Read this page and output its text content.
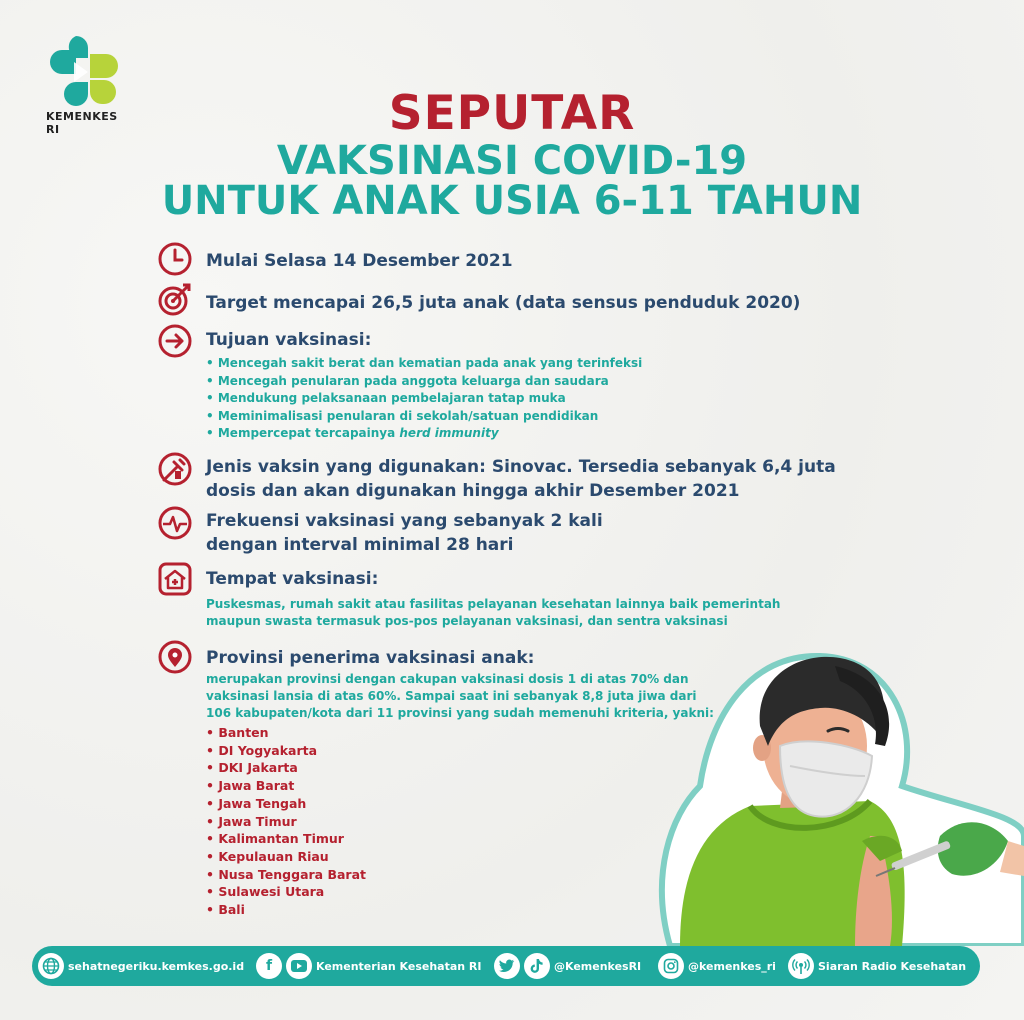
KEMENKES RI	SEPUTAR
VAKSINASI COVID-19
UNTUK ANAK USIA 6-11 TAHUN
Mulai Selasa 14 Desember 2021
Target mencapai 26,5 juta anak (data sensus penduduk 2020)
Tujuan vaksinasi:
• Mencegah sakit berat dan kematian pada anak yang terinfeksi
• Mencegah penularan pada anggota keluarga dan saudara
• Mendukung pelaksanaan pembelajaran tatap muka
• Meminimalisasi penularan di sekolah/satuan pendidikan
• Mempercepat tercapainya herd immunity
Jenis vaksin yang digunakan: Sinovac. Tersedia sebanyak 6,4 juta
dosis dan akan digunakan hingga akhir Desember 2021
Frekuensi vaksinasi yang sebanyak 2 kali
dengan interval minimal 28 hari
Tempat vaksinasi:
Puskesmas, rumah sakit atau fasilitas pelayanan kesehatan lainnya baik pemerintah
maupun swasta termasuk pos-pos pelayanan vaksinasi, dan sentra vaksinasi
Provinsi penerima vaksinasi anak:
merupakan provinsi dengan cakupan vaksinasi dosis 1 di atas 70% dan
vaksinasi lansia di atas 60%. Sampai saat ini sebanyak 8,8 juta jiwa dari
106 kabupaten/kota dari 11 provinsi yang sudah memenuhi kriteria, yakni:
• Banten
• DI Yogyakarta
• DKI Jakarta
• Jawa Barat
• Jawa Tengah
• Jawa Timur
• Kalimantan Timur
• Kepulauan Riau
• Nusa Tenggara Barat
• Sulawesi Utara
• Bali
sehatnegeriku.kemkes.go.id	f	Kementerian Kesehatan RI	@KemenkesRI	@kemenkes_ri	Siaran Radio Kesehatan
